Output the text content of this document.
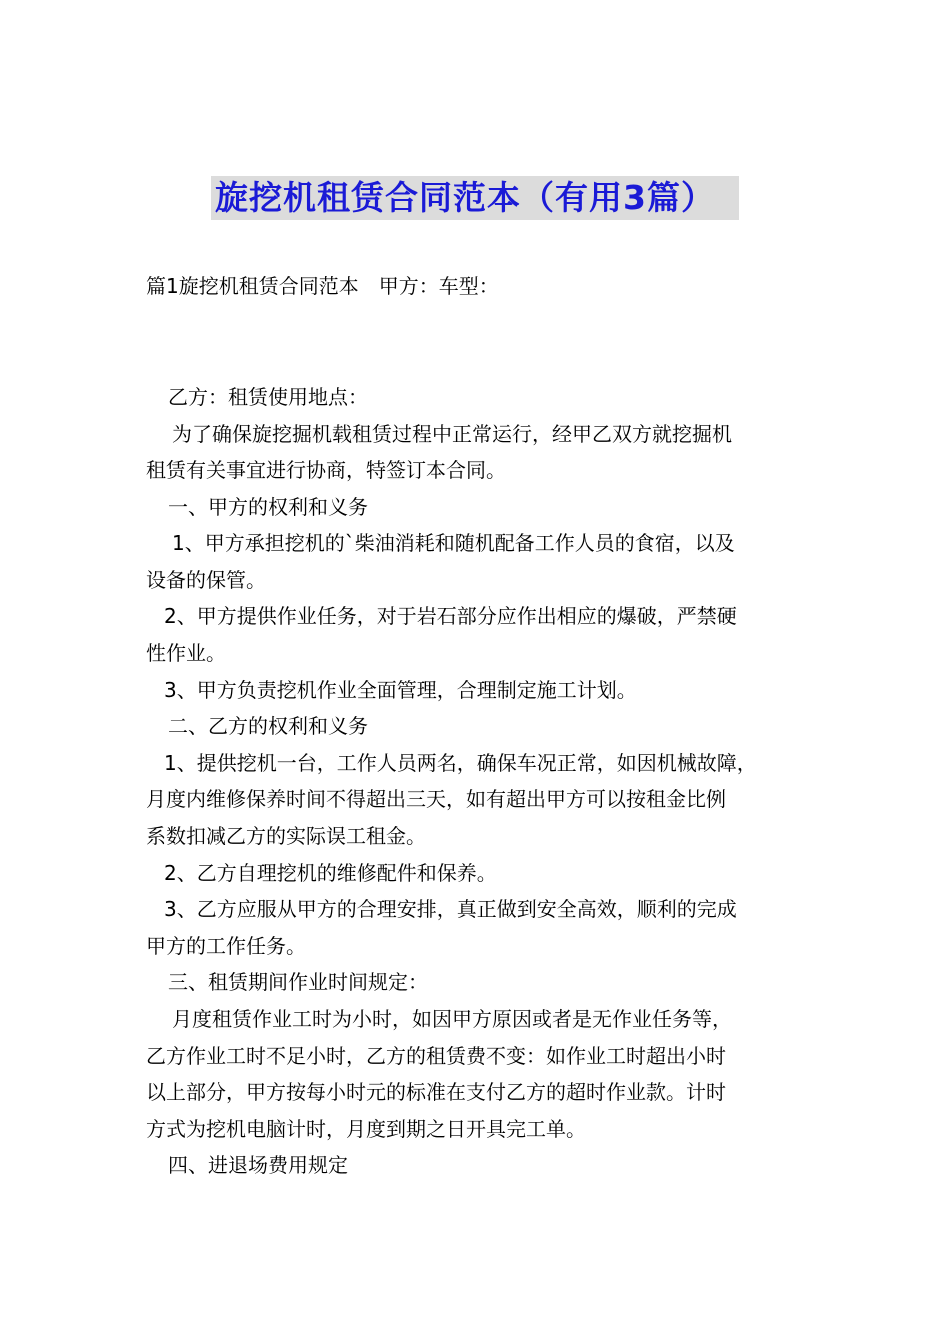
旋挖机租赁合同范本（有用3篇）
篇1旋挖机租赁合同范本　甲方：车型：
乙方：租赁使用地点：
为了确保旋挖掘机载租赁过程中正常运行，经甲乙双方就挖掘机
租赁有关事宜进行协商，特签订本合同。
一、甲方的权利和义务
1、甲方承担挖机的`柴油消耗和随机配备工作人员的食宿，以及
设备的保管。
2、甲方提供作业任务，对于岩石部分应作出相应的爆破，严禁硬
性作业。
3、甲方负责挖机作业全面管理，合理制定施工计划。
二、乙方的权利和义务
1、提供挖机一台，工作人员两名，确保车况正常，如因机械故障，
月度内维修保养时间不得超出三天，如有超出甲方可以按租金比例
系数扣减乙方的实际误工租金。
2、乙方自理挖机的维修配件和保养。
3、乙方应服从甲方的合理安排，真正做到安全高效，顺利的完成
甲方的工作任务。
三、租赁期间作业时间规定：
月度租赁作业工时为小时，如因甲方原因或者是无作业任务等，
乙方作业工时不足小时，乙方的租赁费不变：如作业工时超出小时
以上部分，甲方按每小时元的标准在支付乙方的超时作业款。计时
方式为挖机电脑计时，月度到期之日开具完工单。
四、进退场费用规定
